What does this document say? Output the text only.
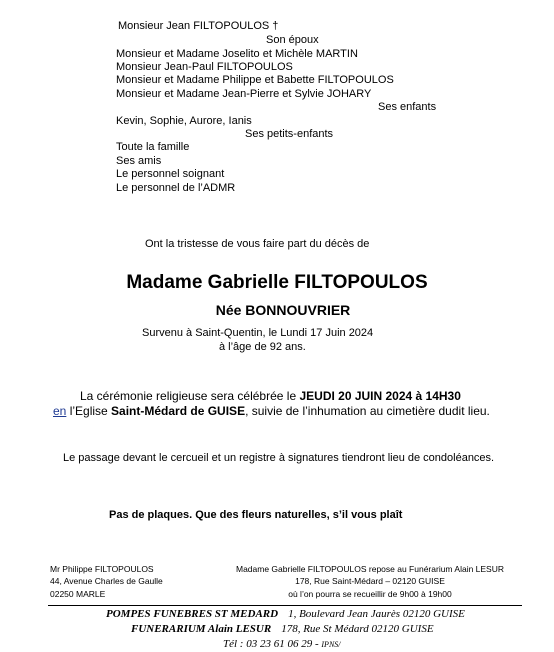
Monsieur Jean FILTOPOULOS †
Son époux
Monsieur et Madame Joselito et Michèle MARTIN
Monsieur Jean-Paul FILTOPOULOS
Monsieur et Madame Philippe et Babette FILTOPOULOS
Monsieur et Madame Jean-Pierre et Sylvie JOHARY
Ses enfants
Kevin, Sophie, Aurore, Ianis
Ses petits-enfants
Toute la famille
Ses amis
Le personnel soignant
Le personnel de l’ADMR
Ont la tristesse de vous faire part du décès de
Madame Gabrielle FILTOPOULOS
Née BONNOUVRIER
Survenu à Saint-Quentin, le Lundi 17 Juin 2024
à l’âge de 92 ans.
La cérémonie religieuse sera célébrée le JEUDI 20 JUIN 2024 à 14H30
en l’Eglise Saint-Médard de GUISE, suivie de l’inhumation au cimetière dudit lieu.
Le passage devant le cercueil et un registre à signatures tiendront lieu de condoléances.
Pas de plaques. Que des fleurs naturelles, s’il vous plaît
Mr Philippe FILTOPOULOS
44, Avenue Charles de Gaulle
02250 MARLE
Madame Gabrielle FILTOPOULOS repose au Funérarium Alain LESUR
178, Rue Saint-Médard – 02120 GUISE
où l’on pourra se recueillir de 9h00 à 19h00
POMPES FUNEBRES ST MEDARD 1, Boulevard Jean Jaurès 02120 GUISE
FUNERARIUM Alain LESUR 178, Rue St Médard 02120 GUISE
Tél : 03 23 61 06 29 - IPNS/
